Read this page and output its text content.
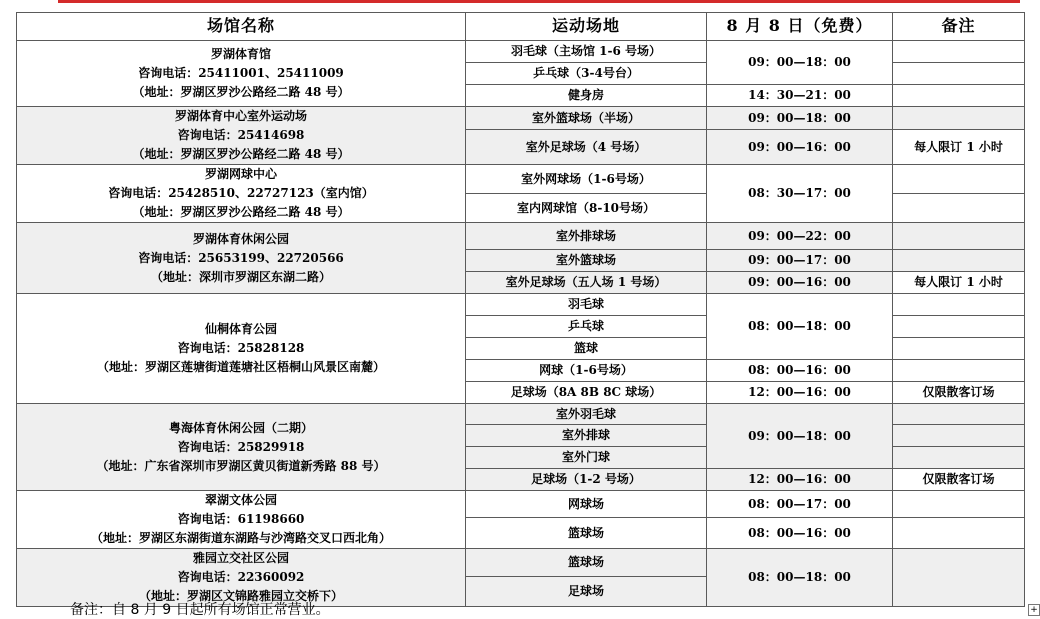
场馆名称	运动场地	8 月 8 日（免费）	备注

罗湖体育馆
咨询电话：25411001、25411009
（地址：罗湖区罗沙公路经二路 48 号）	羽毛球（主场馆 1-6 号场）	09：00—18：00	
	乒乓球（3-4号台）		
	健身房	14：30—21：00	

罗湖体育中心室外运动场
咨询电话：25414698
（地址：罗湖区罗沙公路经二路 48 号）	室外篮球场（半场）	09：00—18：00	
	室外足球场（4 号场）	09：00—16：00	每人限订 1 小时

罗湖网球中心
咨询电话：25428510、22727123（室内馆）
（地址：罗湖区罗沙公路经二路 48 号）	室外网球场（1-6号场）	08：30—17：00	
	室内网球馆（8-10号场）		

罗湖体育休闲公园
咨询电话：25653199、22720566
（地址：深圳市罗湖区东湖二路）	室外排球场	09：00—22：00	
	室外篮球场	09：00—17：00	
	室外足球场（五人场 1 号场）	09：00—16：00	每人限订 1 小时

仙桐体育公园
咨询电话：25828128
（地址：罗湖区莲塘街道莲塘社区梧桐山风景区南麓）	羽毛球	08：00—18：00	
	乒乓球		
	篮球		
	网球（1-6号场）	08：00—16：00	
	足球场（8A 8B 8C 球场）	12：00—16：00	仅限散客订场

粤海体育休闲公园（二期）
咨询电话：25829918
（地址：广东省深圳市罗湖区黄贝街道新秀路 88 号）	室外羽毛球	09：00—18：00	
	室外排球		
	室外门球		
	足球场（1-2 号场）	12：00—16：00	仅限散客订场

翠湖文体公园
咨询电话：61198660
（地址：罗湖区东湖街道东湖路与沙湾路交叉口西北角）	网球场	08：00—17：00	
	篮球场	08：00—16：00	

雅园立交社区公园
咨询电话：22360092
（地址：罗湖区文锦路雅园立交桥下）	篮球场	08：00—18：00	
	足球场		
备注：自 8 月 9 日起所有场馆正常营业。	+
